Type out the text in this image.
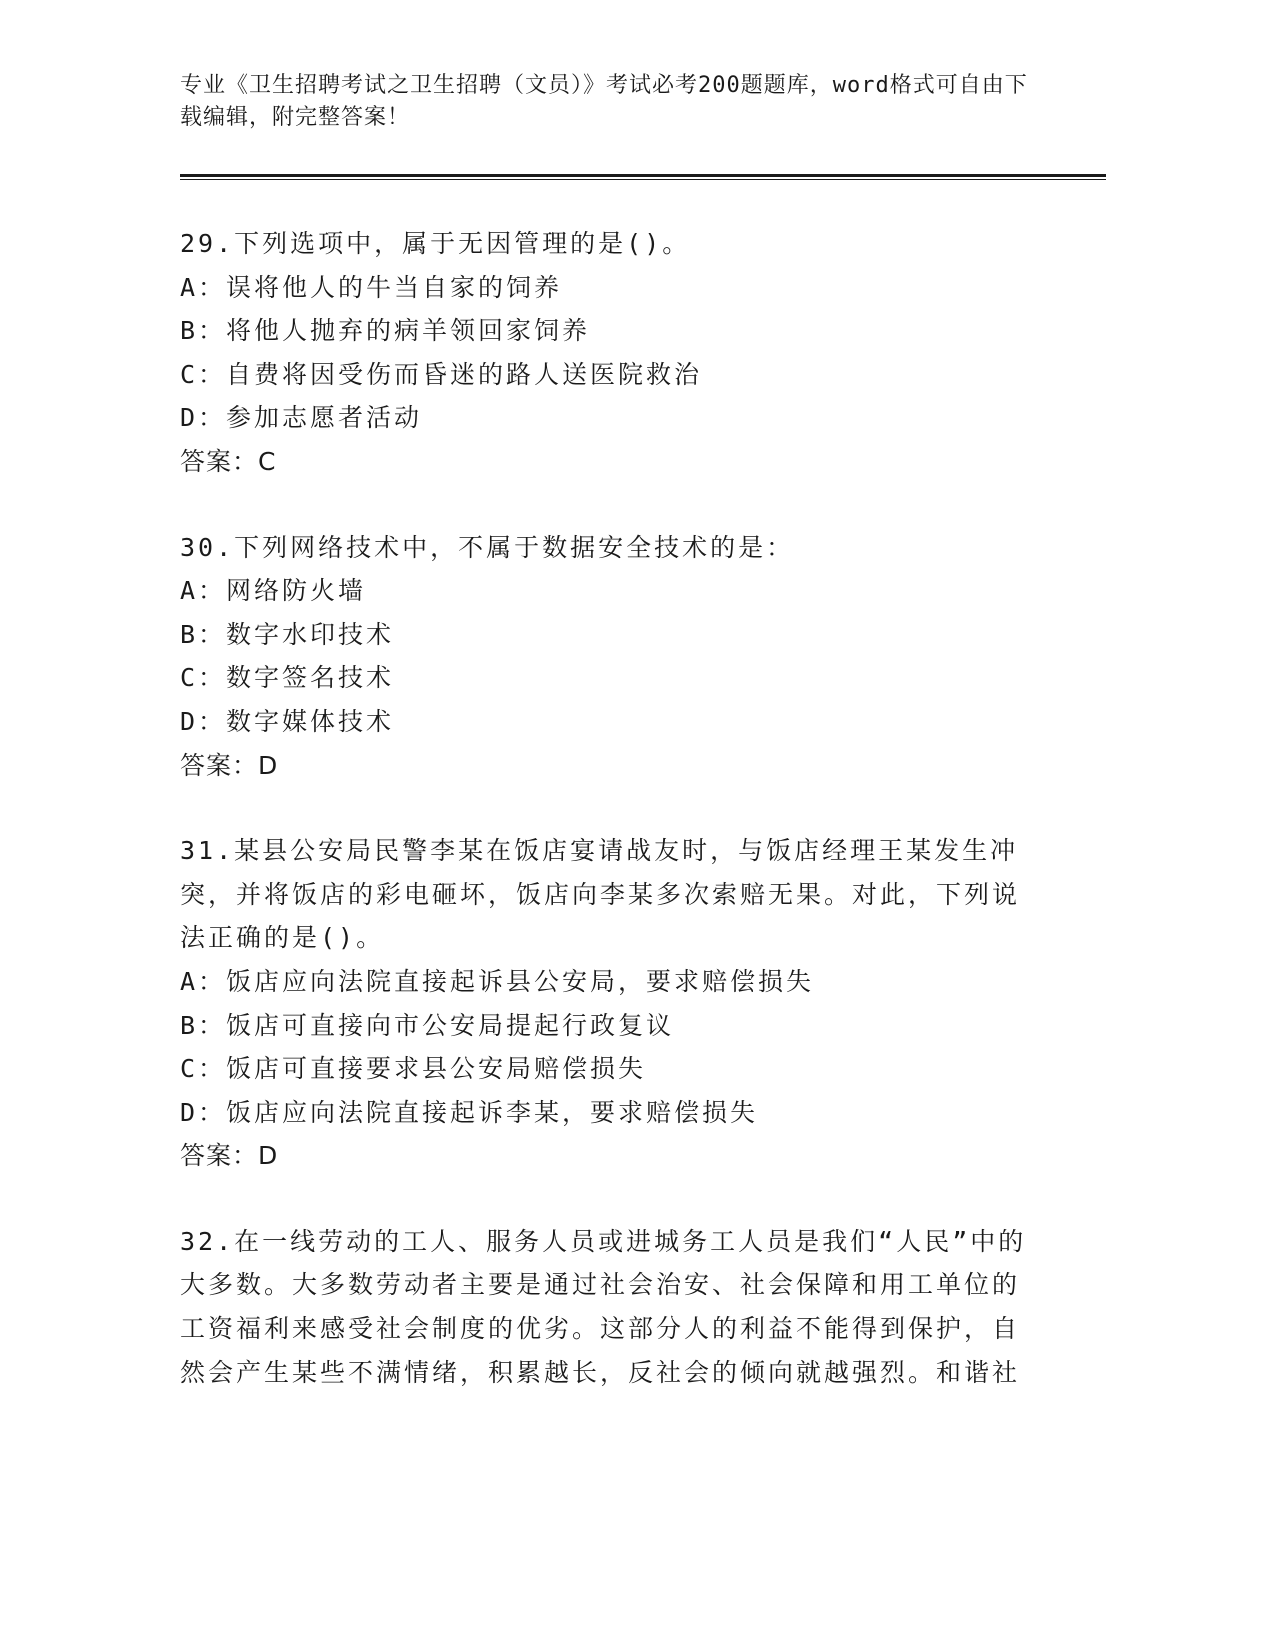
专业《卫生招聘考试之卫生招聘（文员）》考试必考200题题库，word格式可自由下载编辑，附完整答案！

29.下列选项中，属于无因管理的是()。

A：误将他人的牛当自家的饲养

B：将他人抛弃的病羊领回家饲养

C：自费将因受伤而昏迷的路人送医院救治

D：参加志愿者活动

答案：C

30.下列网络技术中，不属于数据安全技术的是：

A：网络防火墙

B：数字水印技术

C：数字签名技术

D：数字媒体技术

答案：D

31.某县公安局民警李某在饭店宴请战友时，与饭店经理王某发生冲突，并将饭店的彩电砸坏，饭店向李某多次索赔无果。对此，下列说法正确的是()。

A：饭店应向法院直接起诉县公安局，要求赔偿损失

B：饭店可直接向市公安局提起行政复议

C：饭店可直接要求县公安局赔偿损失

D：饭店应向法院直接起诉李某，要求赔偿损失

答案：D

32.在一线劳动的工人、服务人员或进城务工人员是我们“人民”中的大多数。大多数劳动者主要是通过社会治安、社会保障和用工单位的工资福利来感受社会制度的优劣。这部分人的利益不能得到保护，自然会产生某些不满情绪，积累越长，反社会的倾向就越强烈。和谐社
